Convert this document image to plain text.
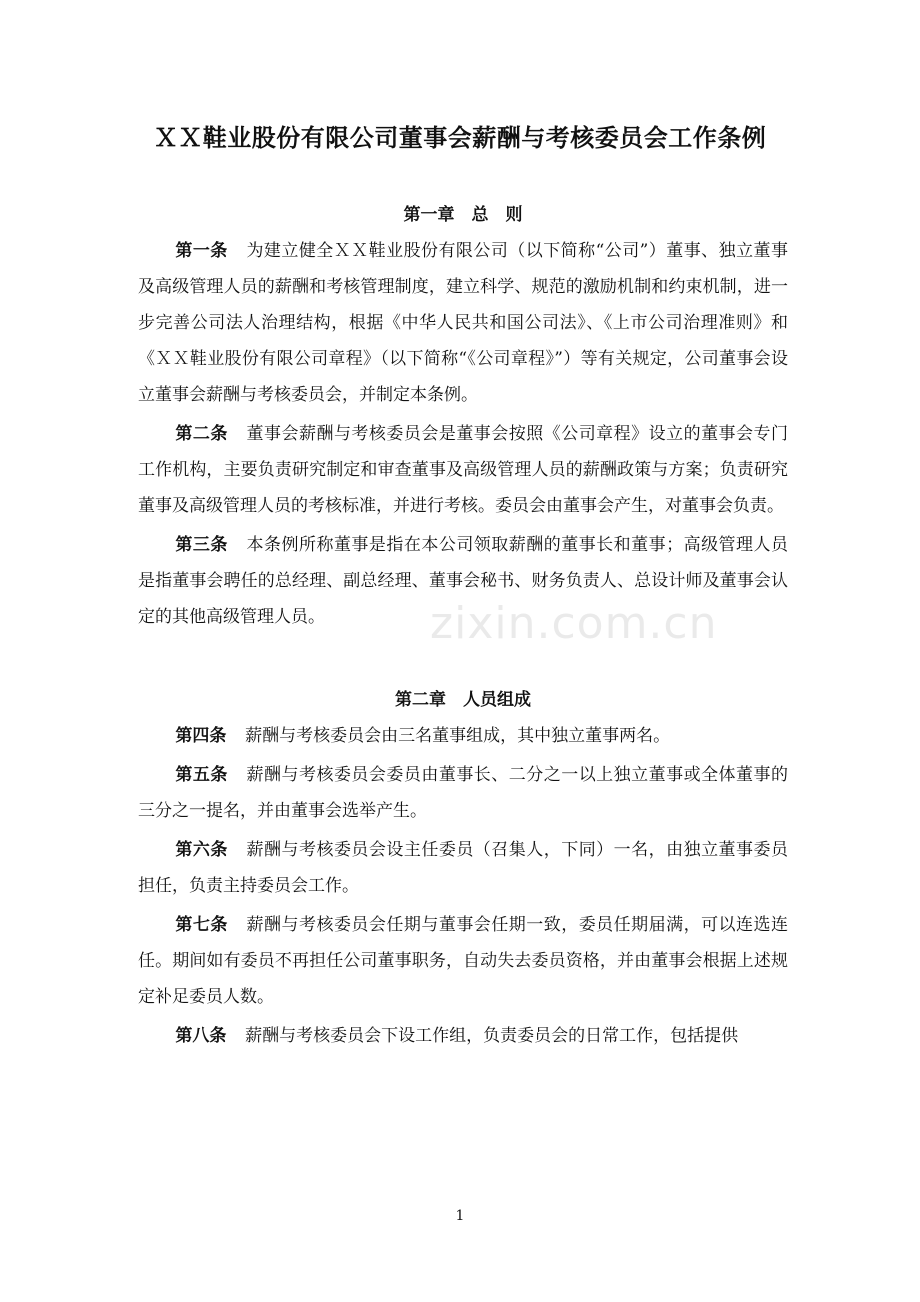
ＸＸ鞋业股份有限公司董事会薪酬与考核委员会工作条例
第一章　总　则

第一条 为建立健全ＸＸ鞋业股份有限公司（以下简称“公司”）董事、独立董事及高级管理人员的薪酬和考核管理制度，建立科学、规范的激励机制和约束机制，进一步完善公司法人治理结构，根据《中华人民共和国公司法》、《上市公司治理准则》和《ＸＸ鞋业股份有限公司章程》（以下简称“《公司章程》”）等有关规定，公司董事会设立董事会薪酬与考核委员会，并制定本条例。

第二条 董事会薪酬与考核委员会是董事会按照《公司章程》设立的董事会专门工作机构，主要负责研究制定和审查董事及高级管理人员的薪酬政策与方案；负责研究董事及高级管理人员的考核标准，并进行考核。委员会由董事会产生，对董事会负责。

第三条 本条例所称董事是指在本公司领取薪酬的董事长和董事；高级管理人员是指董事会聘任的总经理、副总经理、董事会秘书、财务负责人、总设计师及董事会认定的其他高级管理人员。

第二章　人员组成

第四条 薪酬与考核委员会由三名董事组成，其中独立董事两名。

第五条 薪酬与考核委员会委员由董事长、二分之一以上独立董事或全体董事的三分之一提名，并由董事会选举产生。

第六条 薪酬与考核委员会设主任委员（召集人，下同）一名，由独立董事委员担任，负责主持委员会工作。

第七条 薪酬与考核委员会任期与董事会任期一致，委员任期届满，可以连选连任。期间如有委员不再担任公司董事职务，自动失去委员资格，并由董事会根据上述规定补足委员人数。

第八条 薪酬与考核委员会下设工作组，负责委员会的日常工作，包括提供

zixin.com.cn
1
